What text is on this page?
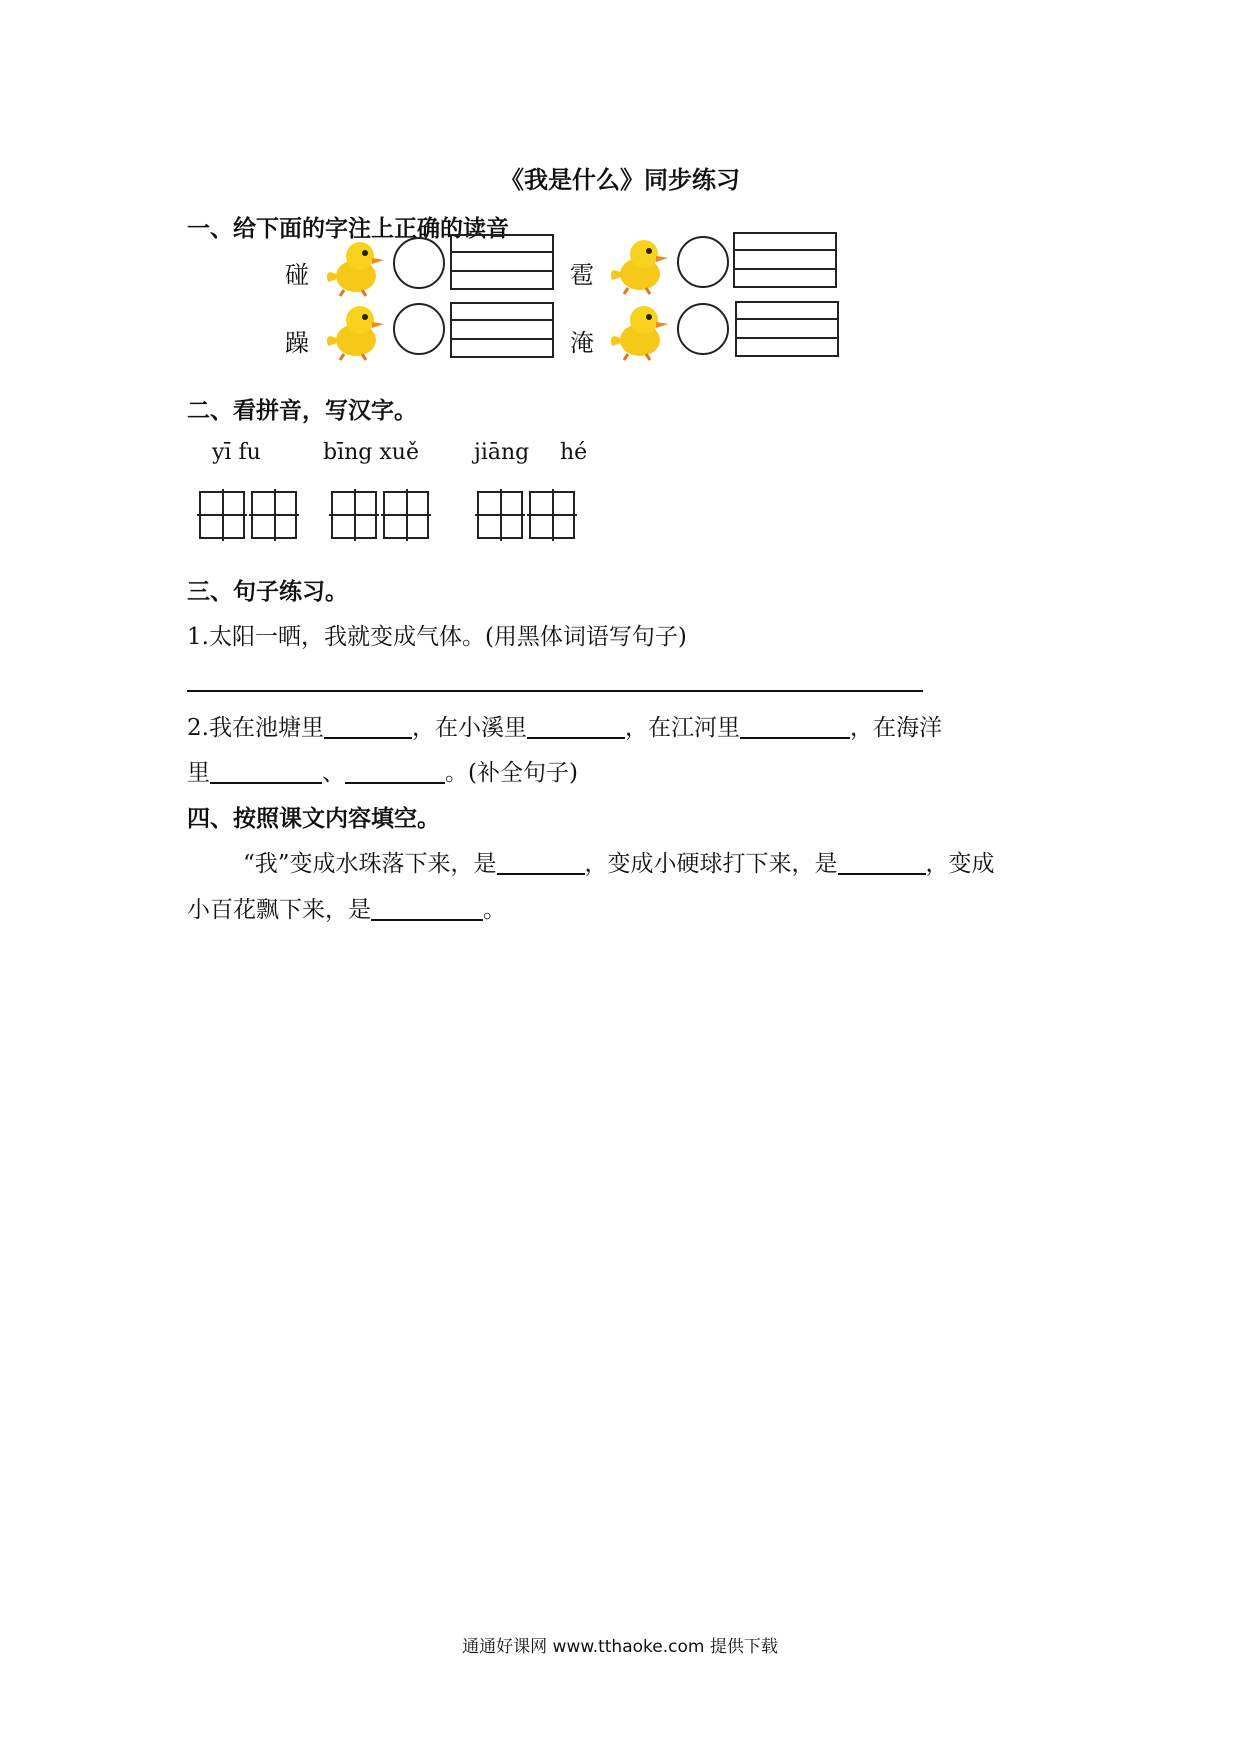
《我是什么》同步练习
一、给下面的字注上正确的读音
碰	雹
躁	淹
二、看拼音，写汉字。
yī fu	bīng xuě	jiāng hé
三、句子练习。
1.太阳一晒，我就变成气体。(用黑体词语写句子)
2.我在池塘里	，在小溪里	，在江河里	，在海洋
里	、	。(补全句子)
四、按照课文内容填空。
“我”变成水珠落下来，是	，变成小硬球打下来，是	，变成
小百花飘下来，是	。
通通好课网 www.tthaoke.com 提供下载
